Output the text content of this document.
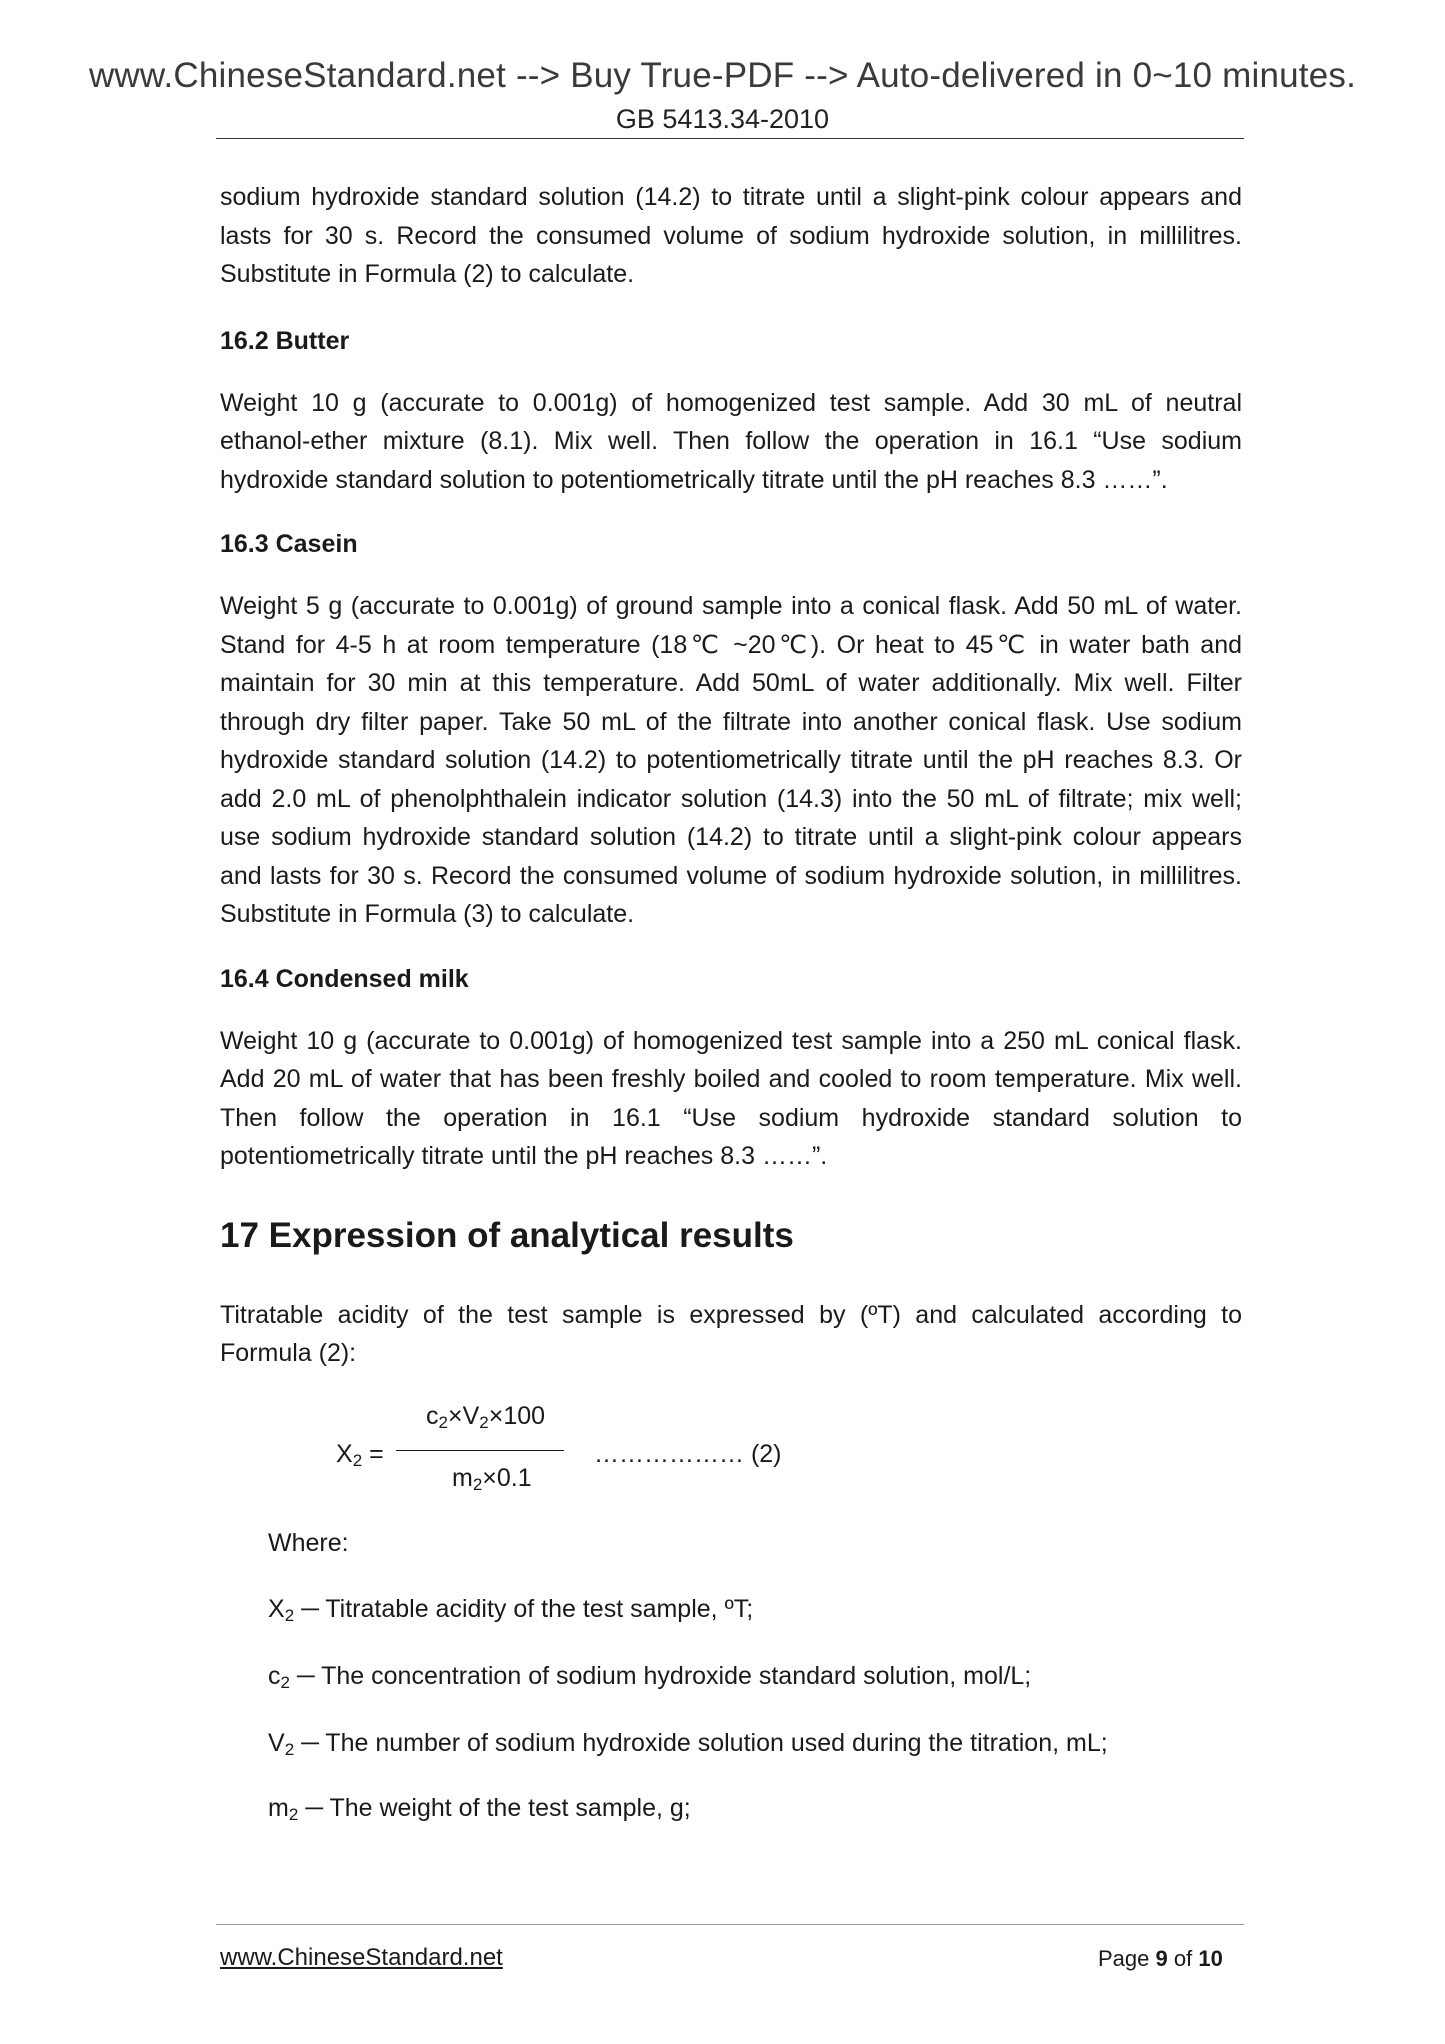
www.ChineseStandard.net --> Buy True-PDF --> Auto-delivered in 0~10 minutes.
GB 5413.34-2010

sodium hydroxide standard solution (14.2) to titrate until a slight-pink colour appears and lasts for 30 s. Record the consumed volume of sodium hydroxide solution, in millilitres. Substitute in Formula (2) to calculate.

16.2 Butter

Weight 10 g (accurate to 0.001g) of homogenized test sample. Add 30 mL of neutral ethanol-ether mixture (8.1). Mix well. Then follow the operation in 16.1 “Use sodium hydroxide standard solution to potentiometrically titrate until the pH reaches 8.3 ……”.

16.3 Casein

Weight 5 g (accurate to 0.001g) of ground sample into a conical flask. Add 50 mL of water. Stand for 4-5 h at room temperature (18℃ ~20℃). Or heat to 45℃ in water bath and maintain for 30 min at this temperature. Add 50mL of water additionally. Mix well. Filter through dry filter paper. Take 50 mL of the filtrate into another conical flask. Use sodium hydroxide standard solution (14.2) to potentiometrically titrate until the pH reaches 8.3. Or add 2.0 mL of phenolphthalein indicator solution (14.3) into the 50 mL of filtrate; mix well; use sodium hydroxide standard solution (14.2) to titrate until a slight-pink colour appears and lasts for 30 s. Record the consumed volume of sodium hydroxide solution, in millilitres. Substitute in Formula (3) to calculate.

16.4 Condensed milk

Weight 10 g (accurate to 0.001g) of homogenized test sample into a 250 mL conical flask. Add 20 mL of water that has been freshly boiled and cooled to room temperature. Mix well. Then follow the operation in 16.1 “Use sodium hydroxide standard solution to potentiometrically titrate until the pH reaches 8.3 ……”.

17 Expression of analytical results

Titratable acidity of the test sample is expressed by (ºT) and calculated according to Formula (2):

$X_2$ =
$c_2\times V_2\times 100$
$m_2\times 0.1$
……………… (2)

Where:

$X_2$ ─ Titratable acidity of the test sample, ºT;

$c_2$ ─ The concentration of sodium hydroxide standard solution, mol/L;

$V_2$ ─ The number of sodium hydroxide solution used during the titration, mL;

$m_2$ ─ The weight of the test sample, g;

www.ChineseStandard.net	Page 9 of 10
